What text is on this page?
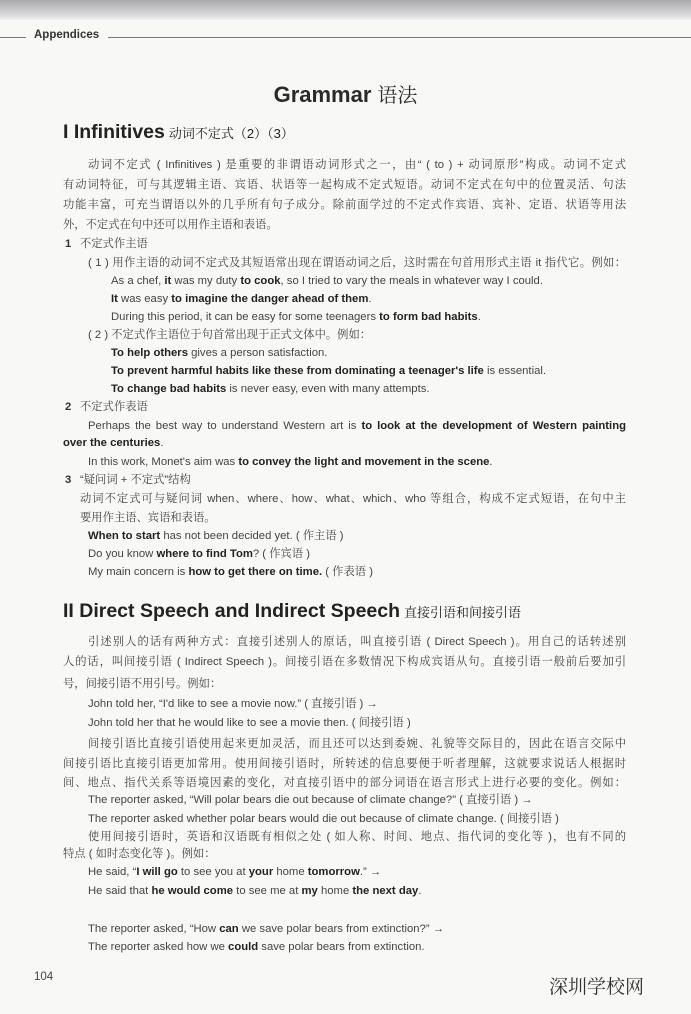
Appendices
Grammar 语法
I Infinitives 动词不定式（2）（3）
II Direct Speech and Indirect Speech 直接引语和间接引语
动词不定式 ( Infinitives ) 是重要的非谓语动词形式之一，由“ ( to ) + 动词原形”构成。动词不定式
有动词特征，可与其逻辑主语、宾语、状语等一起构成不定式短语。动词不定式在句中的位置灵活、句法
功能丰富，可充当谓语以外的几乎所有句子成分。除前面学过的不定式作宾语、宾补、定语、状语等用法
外，不定式在句中还可以用作主语和表语。
1 不定式作主语
( 1 ) 用作主语的动词不定式及其短语常出现在谓语动词之后，这时需在句首用形式主语 it 指代它。例如：
As a chef, it was my duty to cook, so I tried to vary the meals in whatever way I could.
It was easy to imagine the danger ahead of them.
During this period, it can be easy for some teenagers to form bad habits.
( 2 ) 不定式作主语位于句首常出现于正式文体中。例如：
To help others gives a person satisfaction.
To prevent harmful habits like these from dominating a teenager's life is essential.
To change bad habits is never easy, even with many attempts.
2 不定式作表语
Perhaps the best way to understand Western art is to look at the development of Western painting
over the centuries.
In this work, Monet's aim was to convey the light and movement in the scene.
3 “疑问词 + 不定式”结构
动词不定式可与疑问词 when、where、how、what、which、who 等组合，构成不定式短语，在句中主
要用作主语、宾语和表语。
When to start has not been decided yet. ( 作主语 )
Do you know where to find Tom? ( 作宾语 )
My main concern is how to get there on time. ( 作表语 )
引述别人的话有两种方式：直接引述别人的原话，叫直接引语 ( Direct Speech )。用自己的话转述别
人的话，叫间接引语 ( Indirect Speech )。间接引语在多数情况下构成宾语从句。直接引语一般前后要加引
号，间接引语不用引号。例如：
John told her, “I'd like to see a movie now.” ( 直接引语 ) →
John told her that he would like to see a movie then. ( 间接引语 )
间接引语比直接引语使用起来更加灵活，而且还可以达到委婉、礼貌等交际目的，因此在语言交际中
间接引语比直接引语更加常用。使用间接引语时，所转述的信息要便于听者理解，这就要求说话人根据时
间、地点、指代关系等语境因素的变化，对直接引语中的部分词语在语言形式上进行必要的变化。例如：
The reporter asked, “Will polar bears die out because of climate change?” ( 直接引语 ) →
The reporter asked whether polar bears would die out because of climate change. ( 间接引语 )
使用间接引语时，英语和汉语既有相似之处 ( 如人称、时间、地点、指代词的变化等 )，也有不同的
特点 ( 如时态变化等 )。例如：
He said, “I will go to see you at your home tomorrow.” →
He said that he would come to see me at my home the next day.
The reporter asked, “How can we save polar bears from extinction?” →
The reporter asked how we could save polar bears from extinction.
104	深圳学校网
